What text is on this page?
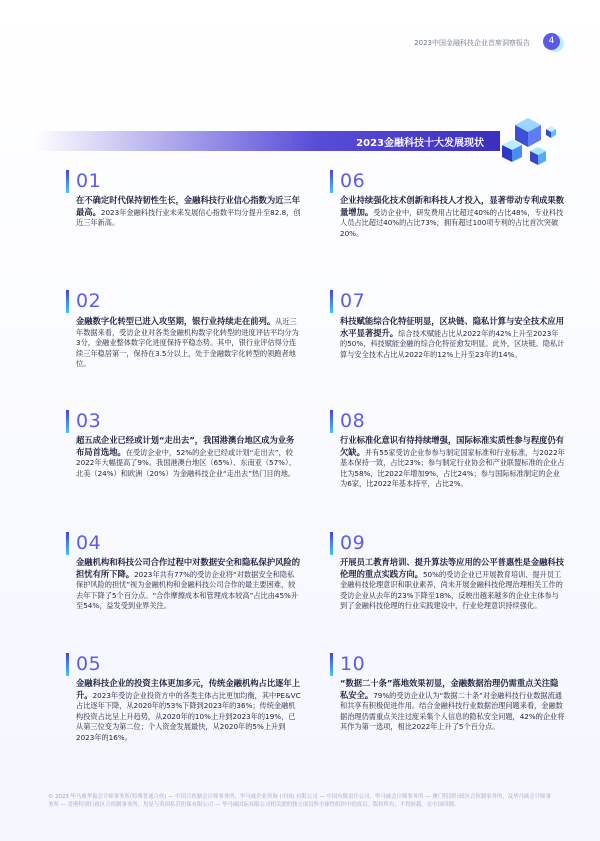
2023中国金融科技企业首席洞察报告	4
2023金融科技十大发展现状
01
在不确定时代保持韧性生长，金融科技行业信心指数为近三年最高。2023年金融科技行业未来发展信心指数平均分提升至82.8，创近三年新高。
02
金融数字化转型已进入攻坚期，银行业持续走在前列。从近三年数据来看，受访企业对各类金融机构数字化转型的进度评估平均分为3分，金融业整体数字化进度保持平稳态势。其中，银行业评估得分连续三年稳居第一，保持在3.5分以上，处于金融数字化转型的领跑者地位。
03
超五成企业已经或计划“走出去”，我国港澳台地区成为业务布局首选地。在受访企业中，52%的企业已经或计划“走出去”，较2022年大幅提高了9%。我国港澳台地区（65%）、东南亚（57%）、北美（24%）和欧洲（20%）为金融科技企业“走出去”热门目的地。
04
金融机构和科技公司合作过程中对数据安全和隐私保护风险的担忧有所下降。2023年共有77%的受访企业将“对数据安全和隐私保护风险的担忧”视为金融机构和金融科技公司合作的最主要困难，较去年下降了5个百分点。“合作摩擦成本和管理成本较高”占比由45%升至54%，益发受到业界关注。
05
金融科技企业的投资主体更加多元，传统金融机构占比逐年上升。2023年受访企业投资方中的各类主体占比更加均衡，其中PE&VC占比逐年下降，从2020年的53%下降到2023年的36%；传统金融机构投资占比呈上升趋势，从2020年的10%上升到2023年的19%，已从第三位变为第二位；个人资金发展最快，从2020年的5%上升到2023年的16%。
06
企业持续强化技术创新和科技人才投入，显著带动专利成果数量增加。受访企业中，研发费用占比超过40%的占比48%，专业科技人员占比超过40%的占比73%，拥有超过100项专利的占比首次突破20%。
07
科技赋能综合化特征明显，区块链、隐私计算与安全技术应用水平显著提升。综合技术赋能占比从2022年的42%上升至2023年的50%，科技赋能金融的综合化特征愈发明显。此外，区块链、隐私计算与安全技术占比从2022年的12%上升至23年的14%。
08
行业标准化意识有待持续增强，国际标准实质性参与程度仍有欠缺。并有55家受访企业参参与制定国家标准和行业标准，与2022年基本保持一致，占比23%；参与制定行业协会和产业联盟标准的企业占比为58%，比2022年增加9%，占比24%；参与国际标准制定的企业为6家，比2022年基本持平，占比2%。
09
开展员工教育培训、提升算法等应用的公平普惠性是金融科技伦理的重点实践方向。50%的受访企业已开展教育培训、提升员工金融科技伦理意识和职业素养，尚未开展金融科技伦理治理相关工作的受访企业从去年的23%下降至18%，反映出越来越多的企业主体参与到了金融科技伦理的行业实践建设中，行业伦理意识持续强化。
10
“数据二十条”落地效果初显，金融数据治理仍需重点关注隐私安全。79%的受访企业认为“数据二十条”对金融科技行业数据流通和共享有积极促进作用。结合金融科技行业数据治理问题来看，金融数据治理仍需重点关注过度采集个人信息的隐私安全问题，42%的企业将其作为第一选项，相比2022年上升了5个百分点。
© 2023 毕马威华振会计师事务所(特殊普通合伙) — 中国合伙制会计师事务所，毕马威企业咨询 (中国) 有限公司 — 中国有限责任公司，毕马威会计师事务所 — 澳门特别行政区合伙制事务所，及毕马威会计师事务所 — 香港特别行政区合伙制事务所，均是与英国私营担保有限公司 — 毕马威国际有限公司相关联的独立成员所全球性组织中的成员。版权所有，不得转载。在中国印制。
